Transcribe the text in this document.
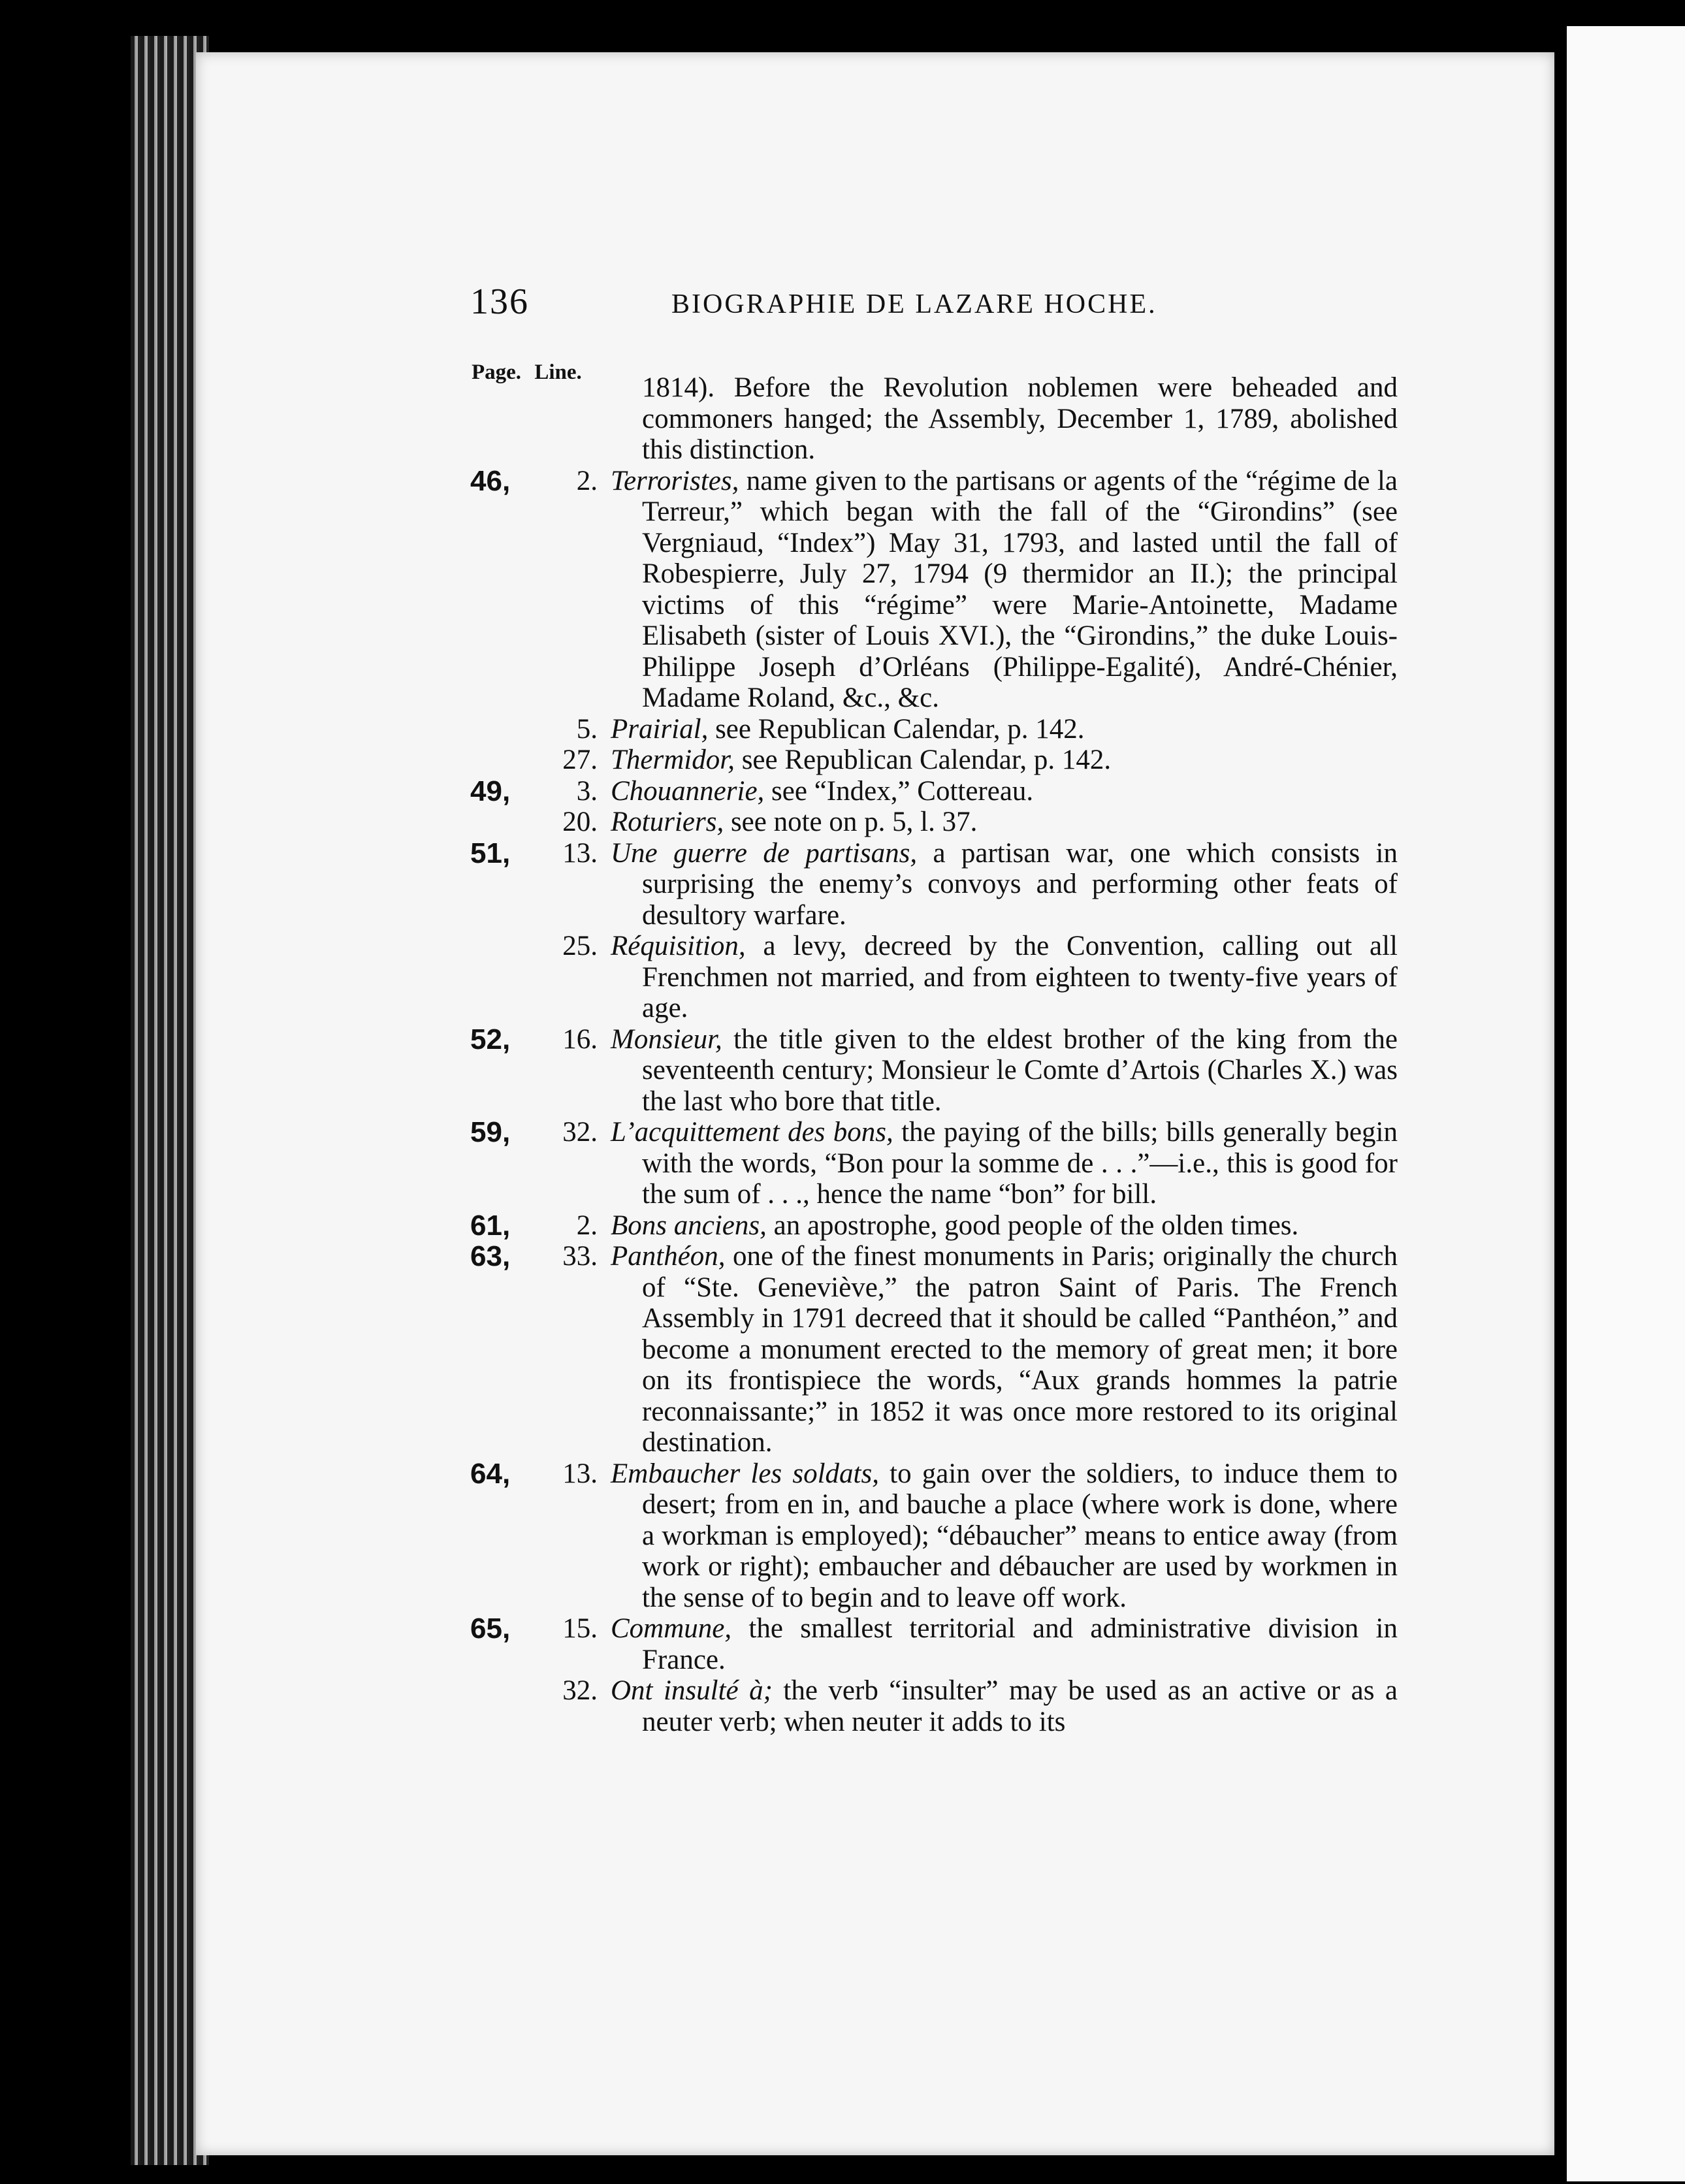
136	BIOGRAPHIE DE LAZARE HOCHE.
Page. Line.	1814). Before the Revolution noblemen were beheaded and commoners hanged; the Assembly, December 1, 1789, abolished this distinction.
46,	2. Terroristes, name given to the partisans or agents of the “régime de la Terreur,” which began with the fall of the “Girondins” (see Vergniaud, “Index”) May 31, 1793, and lasted until the fall of Robespierre, July 27, 1794 (9 thermidor an II.); the principal victims of this “régime” were Marie-Antoinette, Madame Elisabeth (sister of Louis XVI.), the “Girondins,” the duke Louis-Philippe Joseph d’Orléans (Philippe-Egalité), André-Chénier, Madame Roland, &c., &c.
5. Prairial, see Republican Calendar, p. 142.
27. Thermidor, see Republican Calendar, p. 142.
49,	3. Chouannerie, see “Index,” Cottereau.
20. Roturiers, see note on p. 5, l. 37.
51,	13. Une guerre de partisans, a partisan war, one which consists in surprising the enemy’s convoys and performing other feats of desultory warfare.
25. Réquisition, a levy, decreed by the Convention, calling out all Frenchmen not married, and from eighteen to twenty-five years of age.
52,	16. Monsieur, the title given to the eldest brother of the king from the seventeenth century; Monsieur le Comte d’Artois (Charles X.) was the last who bore that title.
59,	32. L’acquittement des bons, the paying of the bills; bills generally begin with the words, “Bon pour la somme de . . .”—i.e., this is good for the sum of . . ., hence the name “bon” for bill.
61,	2. Bons anciens, an apostrophe, good people of the olden times.
63,	33. Panthéon, one of the finest monuments in Paris; originally the church of “Ste. Geneviève,” the patron Saint of Paris. The French Assembly in 1791 decreed that it should be called “Panthéon,” and become a monument erected to the memory of great men; it bore on its frontispiece the words, “Aux grands hommes la patrie reconnaissante;” in 1852 it was once more restored to its original destination.
64,	13. Embaucher les soldats, to gain over the soldiers, to induce them to desert; from en in, and bauche a place (where work is done, where a workman is employed); “débaucher” means to entice away (from work or right); embaucher and débaucher are used by workmen in the sense of to begin and to leave off work.
65,	15. Commune, the smallest territorial and administrative division in France.
32. Ont insulté à; the verb “insulter” may be used as an active or as a neuter verb; when neuter it adds to its
